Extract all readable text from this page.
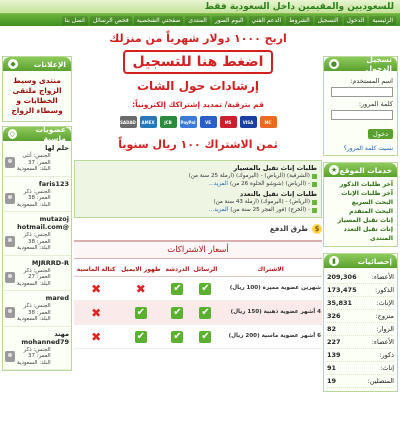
للسعوديين والمقيمين داخل السعودية فقط
الرئيسية
الدخول
التسجيل
الشروط
الدعم الفني
البوم الصور
المنتدى
صفحتي الشخصية
فحص الرسائل
اتصل بنا
تسجيل الدخول
●
اسم المستخدم:
كلمة المرور:
دخول
نسيت كلمة المرور؟
خدمات الموقع
★
آخر طلبات الذكور
آخر طلبات الإناث
البحث السريع
البحث المتقدم
إناث تقبل المسيار
إناث تقبل التعدد
المنتدى
إحصائيات
▮
الأعضاء:
209,306
الذكور:
173,475
الإناث:
35,831
متزوج:
326
الزوار:
82
الأعضاء:
227
ذكور:
139
إناث:
91
المتصلين:
19
الإعلانات
◆
منتدى وسيط الزواج ملتقى الخطابات و وسطاء الزواج
عضويات ماسية
◇
حلم لها
الجنس: أنثى
العمر: 37
البلد: السعودية
faris123
الجنس: ذكر
العمر: 38
البلد: السعودية
mutazoj hotmail.com@
الجنس: ذكر
العمر: 38
البلد: السعودية
MJRRRD-R
الجنس: ذكر
العمر: 27
البلد: السعودية
mared
الجنس: ذكر
العمر: 38
البلد: السعودية
مهند mohanned79
الجنس: ذكر
العمر: 37
البلد: السعودية
اربح ١٠٠٠ دولار شهرياً من منزلك
اضغط هنا للتسجيل
إرشادات حول الشات
قم بترقية/ تمديد إشتراكك إلكترونياً:
MC
VISA
MS
VE
PayPal
JCB
AMEX
SADAD
ثمن الاشتراك ١٠٠ ريال سنوياً
طلبات إناث تقبل بالمسيار
(الشرقية) (الرياض) - (اليرموك) (ارملة 25 سنة من)
- (الرياض) (شوشو الحلوة 26 من)
المزيد...
طلبات إناث تقبل بالتعدد
(الرياض) - (اليرموك) (ارملة 43 سنة من)
- (الخرج) (فور الفجر 25 سنة من)
المزيد...
$
طرق الدفع
أسعار الاشتراكات
الاشتراك	الرسائل	الدردشة	ظهور الايميل	كتالة الماسية
شهرين عضوية مميزة (100 ريال)	✔	✔	✖	✖
4 أشهر عضوية ذهبية (150 ريال)	✔	✔	✔	✖
6 أشهر عضوية ماسية (200 ريال)	✔	✔	✔	✖
